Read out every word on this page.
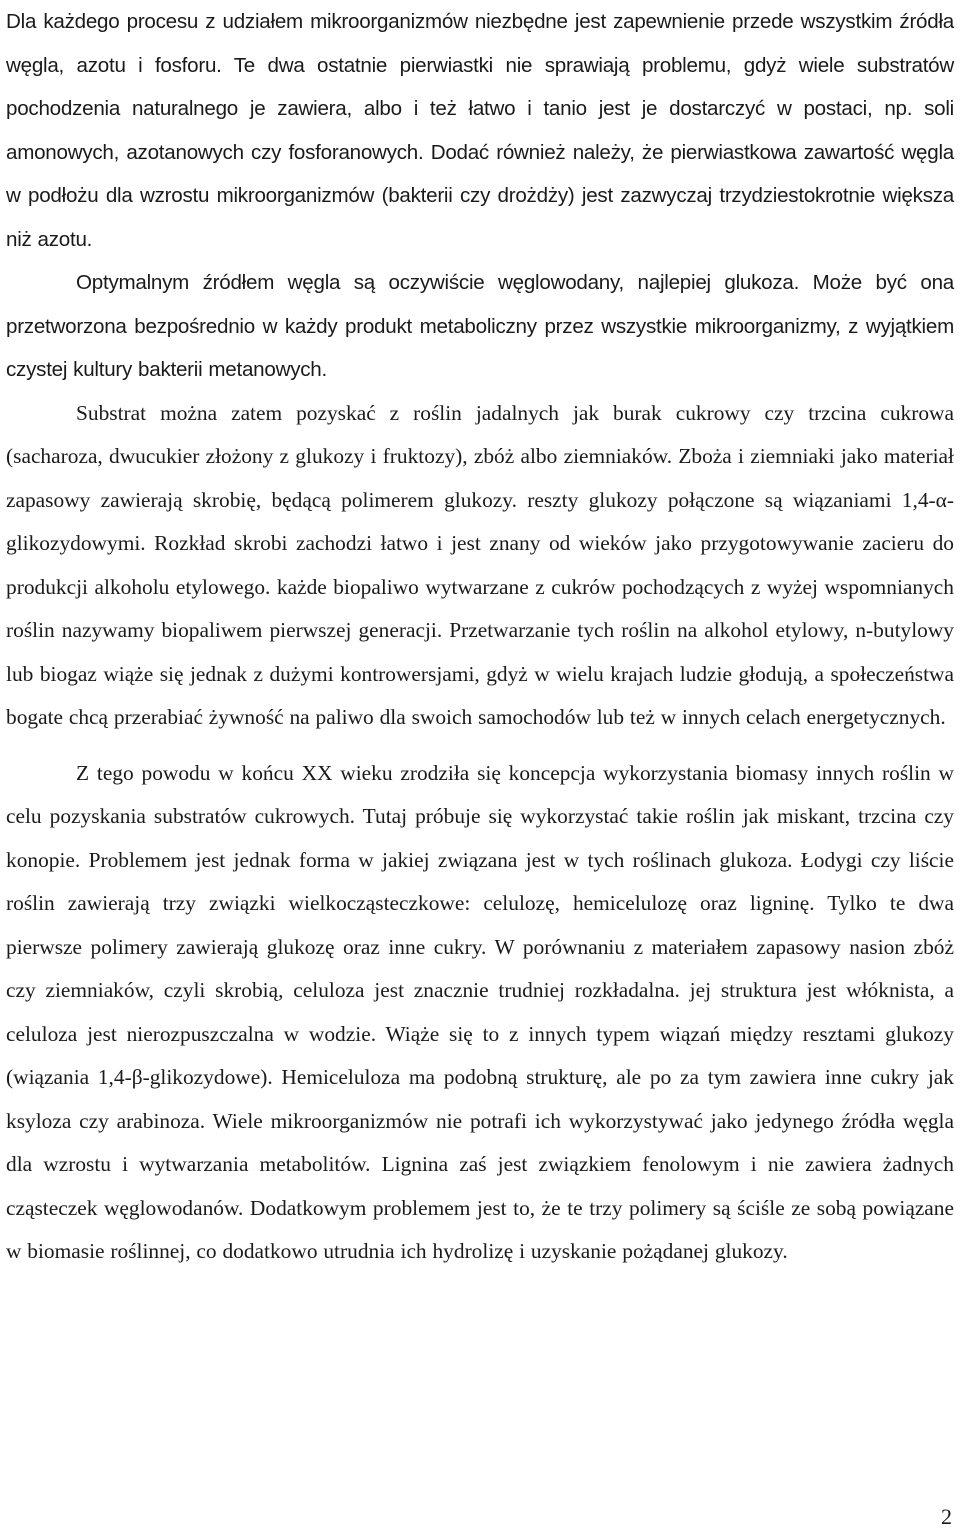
Dla każdego procesu z udziałem mikroorganizmów niezbędne jest zapewnienie przede wszystkim źródła węgla, azotu i fosforu. Te dwa ostatnie pierwiastki nie sprawiają problemu, gdyż wiele substratów pochodzenia naturalnego je zawiera, albo i też łatwo i tanio jest je dostarczyć w postaci, np. soli amonowych, azotanowych czy fosforanowych. Dodać również należy, że pierwiastkowa zawartość węgla w podłożu dla wzrostu mikroorganizmów (bakterii czy drożdży) jest zazwyczaj trzydziestokrotnie większa niż azotu.

Optymalnym źródłem węgla są oczywiście węglowodany, najlepiej glukoza. Może być ona przetworzona bezpośrednio w każdy produkt metaboliczny przez wszystkie mikroorganizmy, z wyjątkiem czystej kultury bakterii metanowych.

Substrat można zatem pozyskać z roślin jadalnych jak burak cukrowy czy trzcina cukrowa (sacharoza, dwucukier złożony z glukozy i fruktozy), zbóż albo ziemniaków. Zboża i ziemniaki jako materiał zapasowy zawierają skrobię, będącą polimerem glukozy. reszty glukozy połączone są wiązaniami 1,4-α-glikozydowymi. Rozkład skrobi zachodzi łatwo i jest znany od wieków jako przygotowywanie zacieru do produkcji alkoholu etylowego. każde biopaliwo wytwarzane z cukrów pochodzących z wyżej wspomnianych roślin nazywamy biopaliwem pierwszej generacji. Przetwarzanie tych roślin na alkohol etylowy, n-butylowy lub biogaz wiąże się jednak z dużymi kontrowersjami, gdyż w wielu krajach ludzie głodują, a społeczeństwa bogate chcą przerabiać żywność na paliwo dla swoich samochodów lub też w innych celach energetycznych.

Z tego powodu w końcu XX wieku zrodziła się koncepcja wykorzystania biomasy innych roślin w celu pozyskania substratów cukrowych. Tutaj próbuje się wykorzystać takie roślin jak miskant, trzcina czy konopie. Problemem jest jednak forma w jakiej związana jest w tych roślinach glukoza. Łodygi czy liście roślin zawierają trzy związki wielkocząsteczkowe: celulozę, hemicelulozę oraz ligninę. Tylko te dwa pierwsze polimery zawierają glukozę oraz inne cukry. W porównaniu z materiałem zapasowy nasion zbóż czy ziemniaków, czyli skrobią, celuloza jest znacznie trudniej rozkładalna. jej struktura jest włóknista, a celuloza jest nierozpuszczalna w wodzie. Wiąże się to z innych typem wiązań między resztami glukozy (wiązania 1,4-β-glikozydowe). Hemiceluloza ma podobną strukturę, ale po za tym zawiera inne cukry jak ksyloza czy arabinoza. Wiele mikroorganizmów nie potrafi ich wykorzystywać jako jedynego źródła węgla dla wzrostu i wytwarzania metabolitów. Lignina zaś jest związkiem fenolowym i nie zawiera żadnych cząsteczek węglowodanów. Dodatkowym problemem jest to, że te trzy polimery są ściśle ze sobą powiązane w biomasie roślinnej, co dodatkowo utrudnia ich hydrolizę i uzyskanie pożądanej glukozy.

2
